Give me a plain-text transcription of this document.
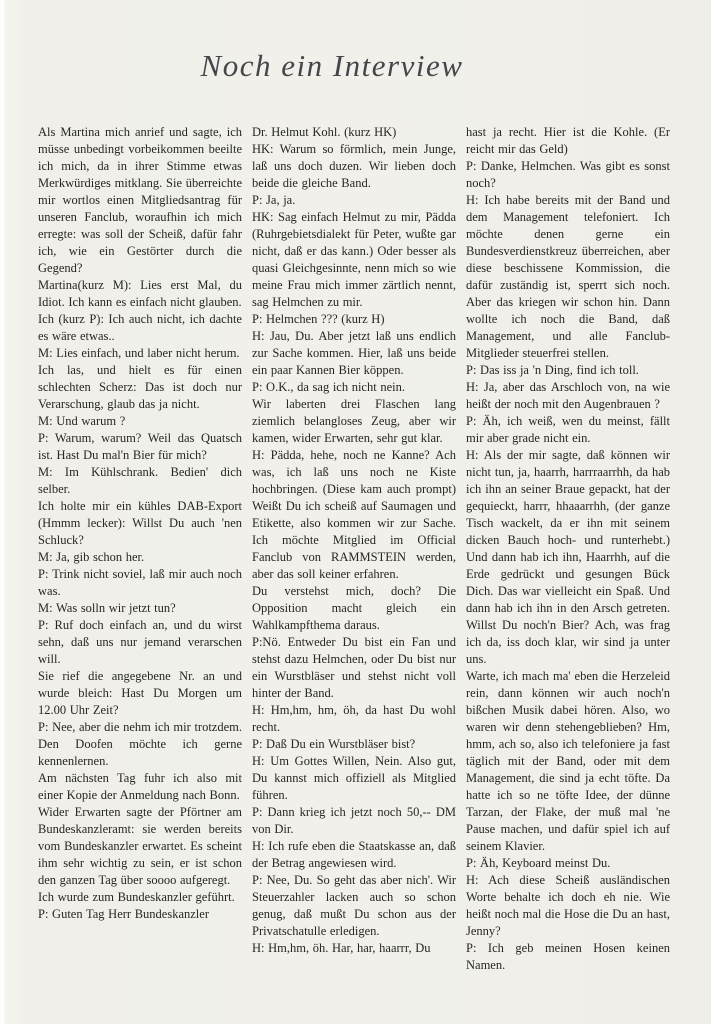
Noch ein Interview

Als Martina mich anrief und sagte, ich müsse unbedingt vorbeikommen beeilte ich mich, da in ihrer Stimme etwas Merkwürdiges mitklang. Sie überreichte mir wortlos einen Mitgliedsantrag für unseren Fanclub, woraufhin ich mich erregte: was soll der Scheiß, dafür fahr ich, wie ein Gestörter durch die Gegend?

Martina(kurz M): Lies erst Mal, du Idiot. Ich kann es einfach nicht glauben.

Ich (kurz P): Ich auch nicht, ich dachte es wäre etwas..

M: Lies einfach, und laber nicht herum.

Ich las, und hielt es für einen schlechten Scherz: Das ist doch nur Verarschung, glaub das ja nicht.

M: Und warum ?

P: Warum, warum? Weil das Quatsch ist. Hast Du mal'n Bier für mich?

M: Im Kühlschrank. Bedien' dich selber.

Ich holte mir ein kühles DAB-Export (Hmmm lecker): Willst Du auch 'nen Schluck?

M: Ja, gib schon her.

P: Trink nicht soviel, laß mir auch noch was.

M: Was solln wir jetzt tun?

P: Ruf doch einfach an, und du wirst sehn, daß uns nur jemand verarschen will.

Sie rief die angegebene Nr. an und wurde bleich: Hast Du Morgen um 12.00 Uhr Zeit?

P: Nee, aber die nehm ich mir trotzdem. Den Doofen möchte ich gerne kennenlernen.

Am nächsten Tag fuhr ich also mit einer Kopie der Anmeldung nach Bonn.

Wider Erwarten sagte der Pförtner am Bundeskanzleramt: sie werden bereits vom Bundeskanzler erwartet. Es scheint ihm sehr wichtig zu sein, er ist schon den ganzen Tag über soooo aufgeregt.

Ich wurde zum Bundeskanzler geführt.

P: Guten Tag Herr Bundeskanzler

Dr. Helmut Kohl. (kurz HK)

HK: Warum so förmlich, mein Junge, laß uns doch duzen. Wir lieben doch beide die gleiche Band.

P: Ja, ja.

HK: Sag einfach Helmut zu mir, Pädda (Ruhrgebietsdialekt für Peter, wußte gar nicht, daß er das kann.) Oder besser als quasi Gleichgesinnte, nenn mich so wie meine Frau mich immer zärtlich nennt, sag Helmchen zu mir.

P: Helmchen ??? (kurz H)

H: Jau, Du. Aber jetzt laß uns endlich zur Sache kommen. Hier, laß uns beide ein paar Kannen Bier köppen.

P: O.K., da sag ich nicht nein.

Wir laberten drei Flaschen lang ziemlich belangloses Zeug, aber wir kamen, wider Erwarten, sehr gut klar.

H: Pädda, hehe, noch ne Kanne? Ach was, ich laß uns noch ne Kiste hochbringen. (Diese kam auch prompt) Weißt Du ich scheiß auf Saumagen und Etikette, also kommen wir zur Sache. Ich möchte Mitglied im Official Fanclub von RAMMSTEIN werden, aber das soll keiner erfahren.

Du verstehst mich, doch? Die Opposition macht gleich ein Wahlkampfthema daraus.

P:Nö. Entweder Du bist ein Fan und stehst dazu Helmchen, oder Du bist nur ein Wurstbläser und stehst nicht voll hinter der Band.

H: Hm,hm, hm, öh, da hast Du wohl recht.

P: Daß Du ein Wurstbläser bist?

H: Um Gottes Willen, Nein. Also gut, Du kannst mich offiziell als Mitglied führen.

P: Dann krieg ich jetzt noch 50,-- DM von Dir.

H: Ich rufe eben die Staatskasse an, daß der Betrag angewiesen wird.

P: Nee, Du. So geht das aber nich'. Wir Steuerzahler lacken auch so schon genug, daß mußt Du schon aus der Privatschatulle erledigen.

H: Hm,hm, öh. Har, har, haarrr, Du

hast ja recht. Hier ist die Kohle. (Er reicht mir das Geld)

P: Danke, Helmchen. Was gibt es sonst noch?

H: Ich habe bereits mit der Band und dem Management telefoniert. Ich möchte denen gerne ein Bundesverdienstkreuz überreichen, aber diese beschissene Kommission, die dafür zuständig ist, sperrt sich noch. Aber das kriegen wir schon hin. Dann wollte ich noch die Band, daß Management, und alle Fanclub-Mitglieder steuerfrei stellen.

P: Das iss ja 'n Ding, find ich toll.

H: Ja, aber das Arschloch von, na wie heißt der noch mit den Augenbrauen ?

P: Äh, ich weiß, wen du meinst, fällt mir aber grade nicht ein.

H: Als der mir sagte, daß können wir nicht tun, ja, haarrh, harrraarrhh, da hab ich ihn an seiner Braue gepackt, hat der gequieckt, harrr, hhaaarrhh, (der ganze Tisch wackelt, da er ihn mit seinem dicken Bauch hoch- und runterhebt.) Und dann hab ich ihn, Haarrhh, auf die Erde gedrückt und gesungen Bück Dich. Das war vielleicht ein Spaß. Und dann hab ich ihn in den Arsch getreten. Willst Du noch'n Bier? Ach, was frag ich da, iss doch klar, wir sind ja unter uns.

Warte, ich mach ma' eben die Herzeleid rein, dann können wir auch noch'n bißchen Musik dabei hören. Also, wo waren wir denn stehengeblieben? Hm, hmm, ach so, also ich telefoniere ja fast täglich mit der Band, oder mit dem Management, die sind ja echt töfte. Da hatte ich so ne töfte Idee, der dünne Tarzan, der Flake, der muß mal 'ne Pause machen, und dafür spiel ich auf seinem Klavier.

P: Äh, Keyboard meinst Du.

H: Ach diese Scheiß ausländischen Worte behalte ich doch eh nie. Wie heißt noch mal die Hose die Du an hast, Jenny?

P: Ich geb meinen Hosen keinen Namen.
